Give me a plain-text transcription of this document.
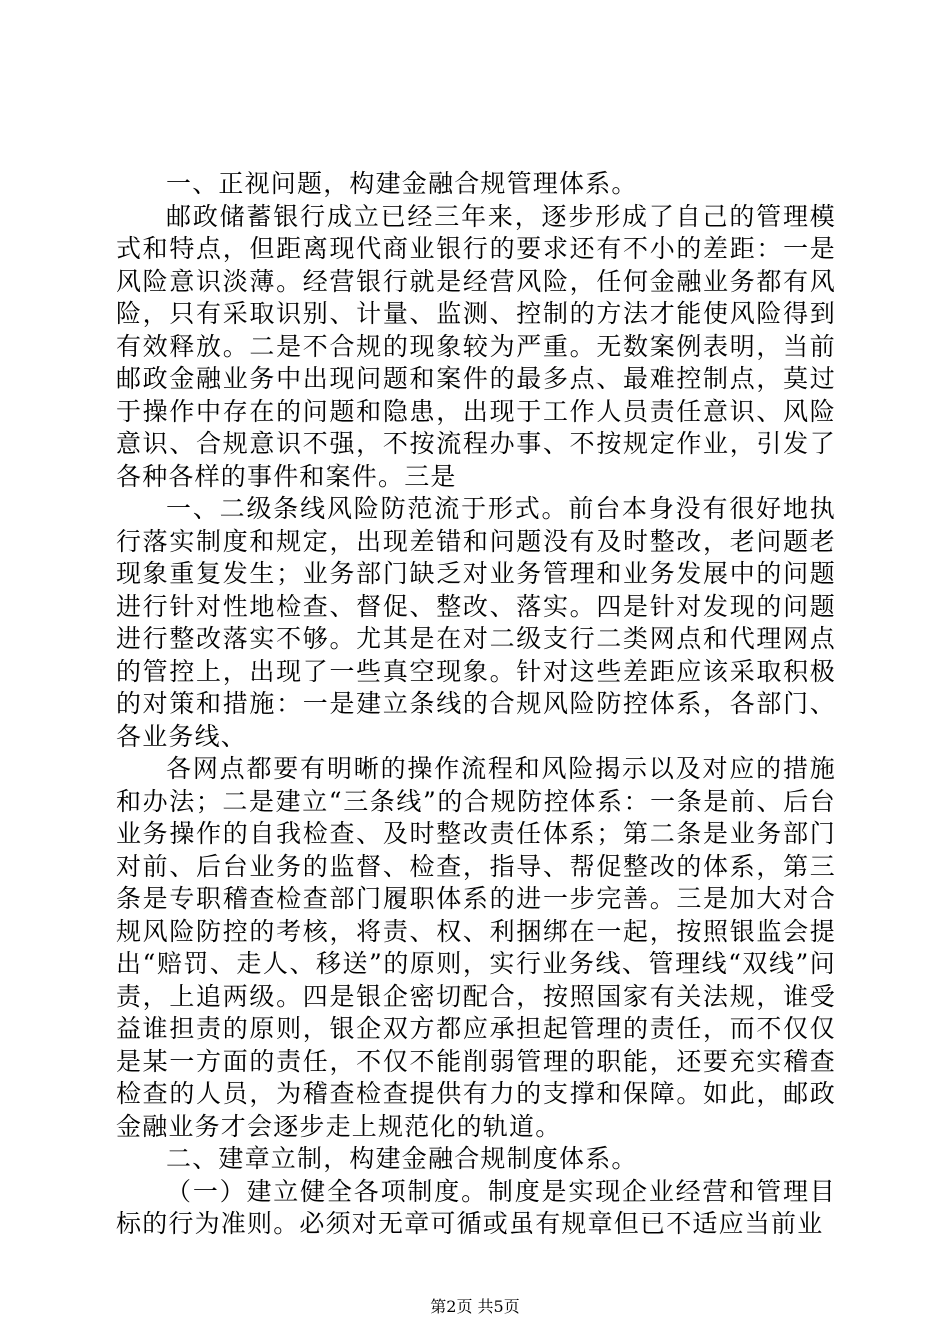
一、正视问题，构建金融合规管理体系。

邮政储蓄银行成立已经三年来，逐步形成了自己的管理模式和特点，但距离现代商业银行的要求还有不小的差距：一是风险意识淡薄。经营银行就是经营风险，任何金融业务都有风险，只有采取识别、计量、监测、控制的方法才能使风险得到有效释放。二是不合规的现象较为严重。无数案例表明，当前邮政金融业务中出现问题和案件的最多点、最难控制点，莫过于操作中存在的问题和隐患，出现于工作人员责任意识、风险意识、合规意识不强，不按流程办事、不按规定作业，引发了各种各样的事件和案件。三是

一、二级条线风险防范流于形式。前台本身没有很好地执行落实制度和规定，出现差错和问题没有及时整改，老问题老现象重复发生；业务部门缺乏对业务管理和业务发展中的问题进行针对性地检查、督促、整改、落实。四是针对发现的问题进行整改落实不够。尤其是在对二级支行二类网点和代理网点的管控上，出现了一些真空现象。针对这些差距应该采取积极的对策和措施：一是建立条线的合规风险防控体系，各部门、各业务线、

各网点都要有明晰的操作流程和风险揭示以及对应的措施和办法；二是建立“三条线”的合规防控体系：一条是前、后台业务操作的自我检查、及时整改责任体系；第二条是业务部门对前、后台业务的监督、检查，指导、帮促整改的体系，第三条是专职稽查检查部门履职体系的进一步完善。三是加大对合规风险防控的考核，将责、权、利捆绑在一起，按照银监会提出“赔罚、走人、移送”的原则，实行业务线、管理线“双线”问责，上追两级。四是银企密切配合，按照国家有关法规，谁受益谁担责的原则，银企双方都应承担起管理的责任，而不仅仅是某一方面的责任，不仅不能削弱管理的职能，还要充实稽查检查的人员，为稽查检查提供有力的支撑和保障。如此，邮政金融业务才会逐步走上规范化的轨道。

二、建章立制，构建金融合规制度体系。

（一）建立健全各项制度。制度是实现企业经营和管理目标的行为准则。必须对无章可循或虽有规章但已不适应当前业

第2页 共5页
